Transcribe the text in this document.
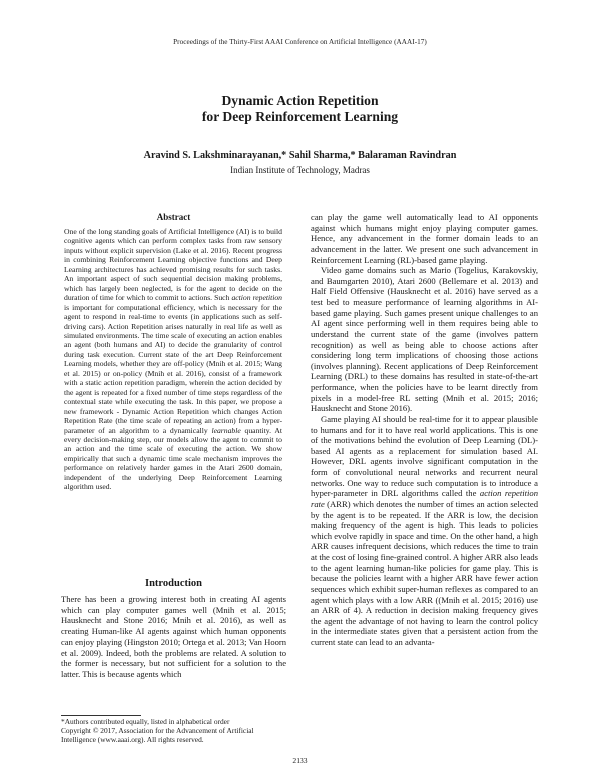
Proceedings of the Thirty-First AAAI Conference on Artificial Intelligence (AAAI-17)
Dynamic Action Repetition
for Deep Reinforcement Learning
Aravind S. Lakshminarayanan,* Sahil Sharma,* Balaraman Ravindran
Indian Institute of Technology, Madras
Abstract
One of the long standing goals of Artificial Intelligence (AI) is to build cognitive agents which can perform complex tasks from raw sensory inputs without explicit supervision (Lake et al. 2016). Recent progress in combining Reinforcement Learning objective functions and Deep Learning architectures has achieved promising results for such tasks. An important aspect of such sequential decision making problems, which has largely been neglected, is for the agent to decide on the duration of time for which to commit to actions. Such action repetition is important for computational efficiency, which is necessary for the agent to respond in real-time to events (in applications such as self-driving cars). Action Repetition arises naturally in real life as well as simulated environments. The time scale of executing an action enables an agent (both humans and AI) to decide the granularity of control during task execution. Current state of the art Deep Reinforcement Learning models, whether they are off-policy (Mnih et al. 2015; Wang et al. 2015) or on-policy (Mnih et al. 2016), consist of a framework with a static action repetition paradigm, wherein the action decided by the agent is repeated for a fixed number of time steps regardless of the contextual state while executing the task. In this paper, we propose a new framework - Dynamic Action Repetition which changes Action Repetition Rate (the time scale of repeating an action) from a hyper-parameter of an algorithm to a dynamically learnable quantity. At every decision-making step, our models allow the agent to commit to an action and the time scale of executing the action. We show empirically that such a dynamic time scale mechanism improves the performance on relatively harder games in the Atari 2600 domain, independent of the underlying Deep Reinforcement Learning algorithm used.
Introduction
There has been a growing interest both in creating AI agents which can play computer games well (Mnih et al. 2015; Hausknecht and Stone 2016; Mnih et al. 2016), as well as creating Human-like AI agents against which human opponents can enjoy playing (Hingston 2010; Ortega et al. 2013; Van Hoorn et al. 2009). Indeed, both the problems are related. A solution to the former is necessary, but not sufficient for a solution to the latter. This is because agents which
*Authors contributed equally, listed in alphabetical order
Copyright © 2017, Association for the Advancement of Artificial Intelligence (www.aaai.org). All rights reserved.

can play the game well automatically lead to AI opponents against which humans might enjoy playing computer games. Hence, any advancement in the former domain leads to an advancement in the latter. We present one such advancement in Reinforcement Learning (RL)-based game playing.

Video game domains such as Mario (Togelius, Karakovskiy, and Baumgarten 2010), Atari 2600 (Bellemare et al. 2013) and Half Field Offensive (Hausknecht et al. 2016) have served as a test bed to measure performance of learning algorithms in AI-based game playing. Such games present unique challenges to an AI agent since performing well in them requires being able to understand the current state of the game (involves pattern recognition) as well as being able to choose actions after considering long term implications of choosing those actions (involves planning). Recent applications of Deep Reinforcement Learning (DRL) to these domains has resulted in state-of-the-art performance, when the policies have to be learnt directly from pixels in a model-free RL setting (Mnih et al. 2015; 2016; Hausknecht and Stone 2016).

Game playing AI should be real-time for it to appear plausible to humans and for it to have real world applications. This is one of the motivations behind the evolution of Deep Learning (DL)-based AI agents as a replacement for simulation based AI. However, DRL agents involve significant computation in the form of convolutional neural networks and recurrent neural networks. One way to reduce such computation is to introduce a hyper-parameter in DRL algorithms called the action repetition rate (ARR) which denotes the number of times an action selected by the agent is to be repeated. If the ARR is low, the decision making frequency of the agent is high. This leads to policies which evolve rapidly in space and time. On the other hand, a high ARR causes infrequent decisions, which reduces the time to train at the cost of losing fine-grained control. A higher ARR also leads to the agent learning human-like policies for game play. This is because the policies learnt with a higher ARR have fewer action sequences which exhibit super-human reflexes as compared to an agent which plays with a low ARR ((Mnih et al. 2015; 2016) use an ARR of 4). A reduction in decision making frequency gives the agent the advantage of not having to learn the control policy in the intermediate states given that a persistent action from the current state can lead to an advanta-

2133
